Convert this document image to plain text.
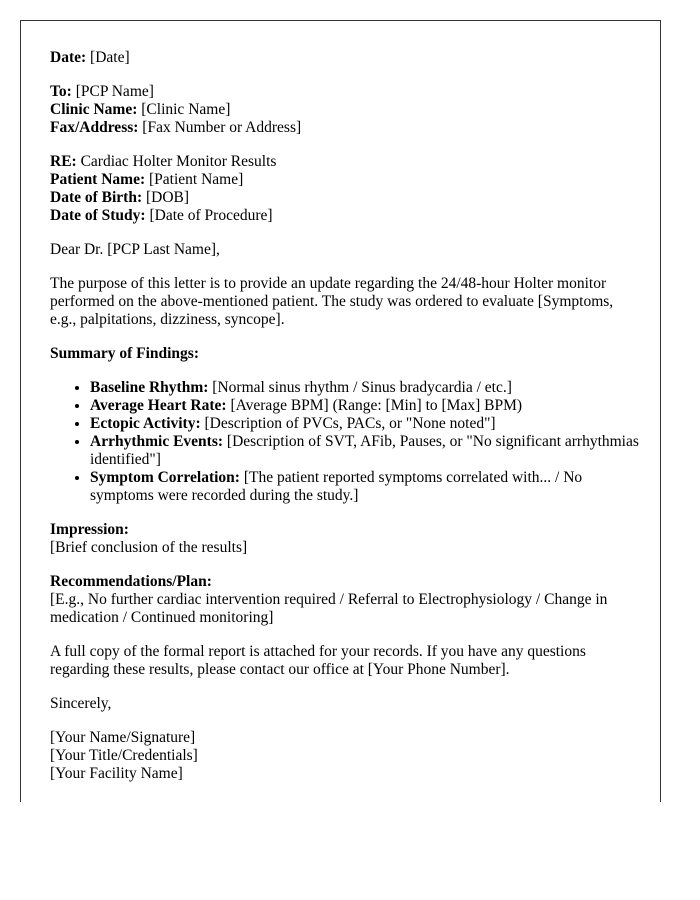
Date: [Date]
To: [PCP Name]
Clinic Name: [Clinic Name]
Fax/Address: [Fax Number or Address]
RE: Cardiac Holter Monitor Results
Patient Name: [Patient Name]
Date of Birth: [DOB]
Date of Study: [Date of Procedure]

Dear Dr. [PCP Last Name],

The purpose of this letter is to provide an update regarding the 24/48-hour Holter monitor performed on the above-mentioned patient. The study was ordered to evaluate [Symptoms, e.g., palpitations, dizziness, syncope].

Summary of Findings:

• Baseline Rhythm: [Normal sinus rhythm / Sinus bradycardia / etc.]
• Average Heart Rate: [Average BPM] (Range: [Min] to [Max] BPM)
• Ectopic Activity: [Description of PVCs, PACs, or "None noted"]
• Arrhythmic Events: [Description of SVT, AFib, Pauses, or "No significant arrhythmias identified"]
• Symptom Correlation: [The patient reported symptoms correlated with... / No symptoms were recorded during the study.]
Impression:
[Brief conclusion of the results]
Recommendations/Plan:
[E.g., No further cardiac intervention required / Referral to Electrophysiology / Change in medication / Continued monitoring]

A full copy of the formal report is attached for your records. If you have any questions regarding these results, please contact our office at [Your Phone Number].

Sincerely,

[Your Name/Signature]
[Your Title/Credentials]
[Your Facility Name]
